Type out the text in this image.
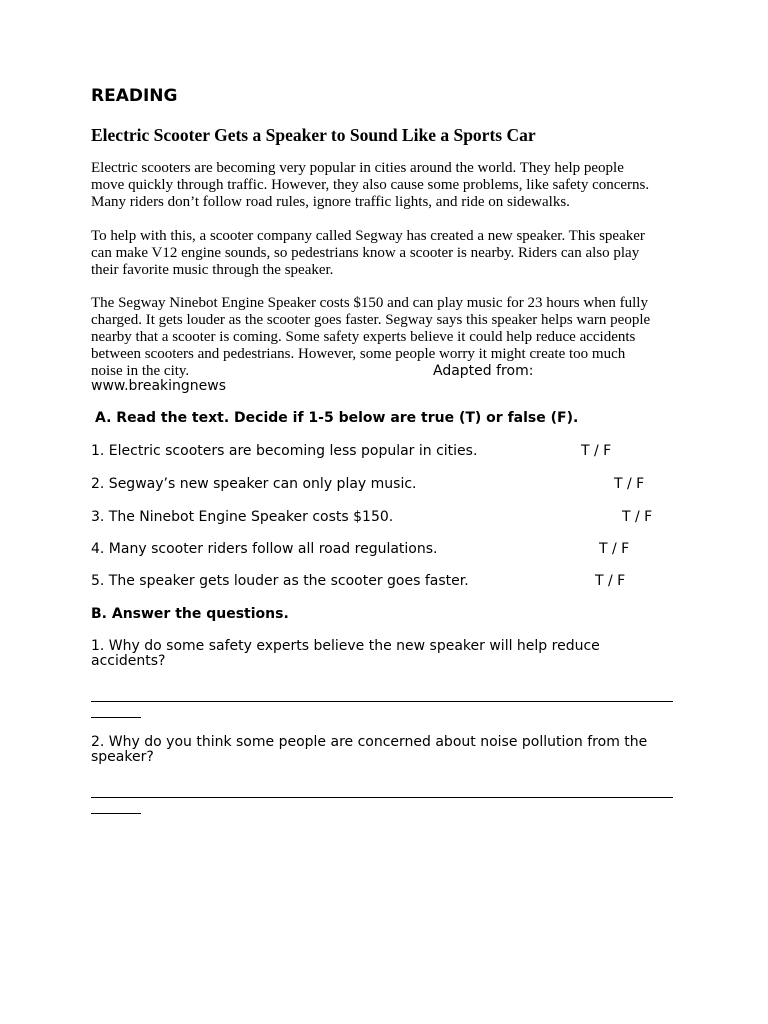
READING
Electric Scooter Gets a Speaker to Sound Like a Sports Car
Electric scooters are becoming very popular in cities around the world. They help people
move quickly through traffic. However, they also cause some problems, like safety concerns.
Many riders don’t follow road rules, ignore traffic lights, and ride on sidewalks.
To help with this, a scooter company called Segway has created a new speaker. This speaker
can make V12 engine sounds, so pedestrians know a scooter is nearby. Riders can also play
their favorite music through the speaker.
The Segway Ninebot Engine Speaker costs $150 and can play music for 23 hours when fully
charged. It gets louder as the scooter goes faster. Segway says this speaker helps warn people
nearby that a scooter is coming. Some safety experts believe it could help reduce accidents
between scooters and pedestrians. However, some people worry it might create too much
noise in the city.	Adapted from:
www.breakingnews
A. Read the text. Decide if 1-5 below are true (T) or false (F).
1. Electric scooters are becoming less popular in cities.	T / F
2. Segway’s new speaker can only play music.	T / F
3. The Ninebot Engine Speaker costs $150.	T / F
4. Many scooter riders follow all road regulations.	T / F
5. The speaker gets louder as the scooter goes faster.	T / F
B. Answer the questions.
1. Why do some safety experts believe the new speaker will help reduce
accidents?
2. Why do you think some people are concerned about noise pollution from the
speaker?
